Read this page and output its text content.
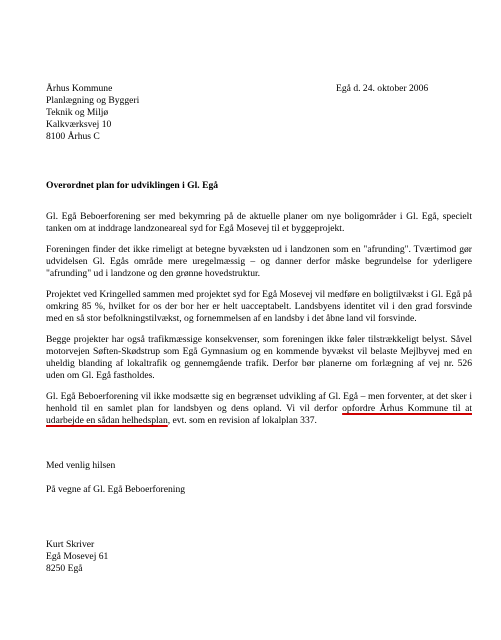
Århus Kommune
Planlægning og Byggeri
Teknik og Miljø
Kalkværksvej 10
8100 Århus C
Egå d. 24. oktober 2006
Overordnet plan for udviklingen i Gl. Egå

Gl. Egå Beboerforening ser med bekymring på de aktuelle planer om nye boligområder i Gl. Egå, specielt tanken om at inddrage landzoneareal syd for Egå Mosevej til et byggeprojekt.

Foreningen finder det ikke rimeligt at betegne byvæksten ud i landzonen som en "afrunding". Tværtimod gør udvidelsen Gl. Egås område mere uregelmæssig – og danner derfor måske begrundelse for yderligere "afrunding" ud i landzone og den grønne hovedstruktur.

Projektet ved Kringelled sammen med projektet syd for Egå Mosevej vil medføre en boligtilvækst i Gl. Egå på omkring 85 %, hvilket for os der bor her er helt uacceptabelt. Landsbyens identitet vil i den grad forsvinde med en så stor befolkningstilvækst, og fornemmelsen af en landsby i det åbne land vil forsvinde.

Begge projekter har også trafikmæssige konsekvenser, som foreningen ikke føler tilstrækkeligt belyst. Såvel motorvejen Søften-Skødstrup som Egå Gymnasium og en kommende byvækst vil belaste Mejlbyvej med en uheldig blanding af lokaltrafik og gennemgående trafik. Derfor bør planerne om forlægning af vej nr. 526 uden om Gl. Egå fastholdes.

Gl. Egå Beboerforening vil ikke modsætte sig en begrænset udvikling af Gl. Egå – men forventer, at det sker i henhold til en samlet plan for landsbyen og dens opland. Vi vil derfor opfordre Århus Kommune til at udarbejde en sådan helhedsplan, evt. som en revision af lokalplan 337.

Med venlig hilsen
På vegne af Gl. Egå Beboerforening
Kurt Skriver
Egå Mosevej 61
8250 Egå
